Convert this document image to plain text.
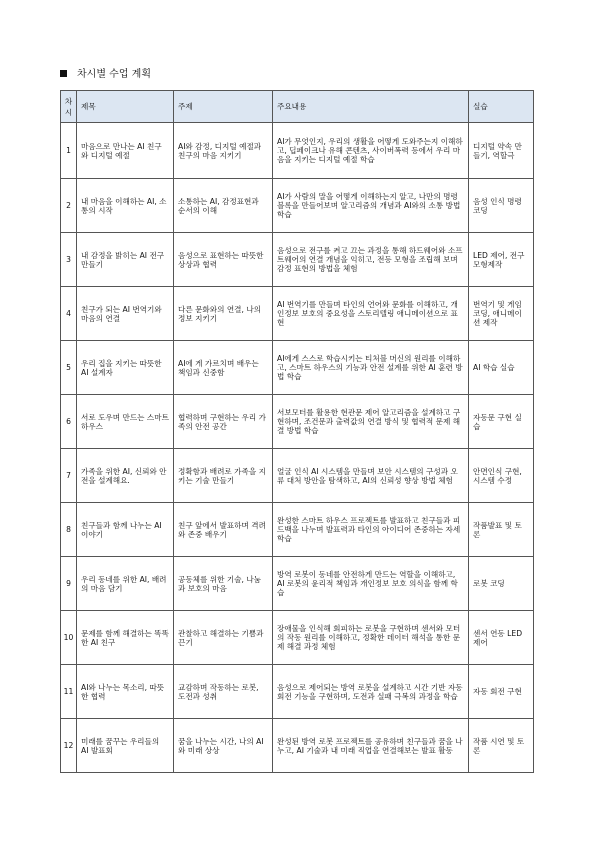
차시별 수업 계획
차시	제목	주제	주요내용	실습
1	마음으로 만나는 AI 친구와 디지털 예절	AI와 감정, 디지털 예절과 친구의 마음 지키기	AI가 무엇인지, 우리의 생활을 어떻게 도와주는지 이해하고, 딥페이크나 유해 콘텐츠, 사이버폭력 등에서 우리 마음을 지키는 디지털 예절 학습	디지털 약속 만들기, 역할극
2	내 마음을 이해하는 AI, 소통의 시작	소통하는 AI, 감정표현과 순서의 이해	AI가 사람의 말을 어떻게 이해하는지 알고, 나만의 명령 블록을 만들어보며 알고리즘의 개념과 AI와의 소통 방법 학습	음성 인식 명령코딩
3	내 감정을 밝히는 AI 전구 만들기	음성으로 표현하는 따뜻한 상상과 협력	음성으로 전구를 켜고 끄는 과정을 통해 하드웨어와 소프트웨어의 연결 개념을 익히고, 전등 모형을 조립해 보며 감정 표현의 방법을 체험	LED 제어, 전구 모형제작
4	친구가 되는 AI 번역기와 마음의 연결	다른 문화와의 연결, 나의 정보 지키기	AI 번역기를 만들며 타인의 언어와 문화를 이해하고, 개인정보 보호의 중요성을 스토리텔링 애니메이션으로 표현	번역기 및 게임코딩, 애니메이션 제작
5	우리 집을 지키는 따뜻한 AI 설계자	AI에 게 가르치며 배우는 책임과 신중함	AI에게 스스로 학습시키는 티처블 머신의 원리를 이해하고, 스마트 하우스의 기능과 안전 설계를 위한 AI 훈련 방법 학습	AI 학습 실습
6	서로 도우며 만드는 스마트하우스	협력하며 구현하는 우리 가족의 안전 공간	서보모터를 활용한 현관문 제어 알고리즘을 설계하고 구현하며, 조건문과 출력값의 연결 방식 및 협력적 문제 해결 방법 학습	자동문 구현 실습
7	가족을 위한 AI, 신뢰와 안전을 설계해요.	정확함과 배려로 가족을 지키는 기술 만들기	얼굴 인식 AI 시스템을 만들며 보안 시스템의 구성과 오류 대처 방안을 탐색하고, AI의 신뢰성 향상 방법 체험	안면인식 구현, 시스템 수정
8	친구들과 함께 나누는 AI 이야기	친구 앞에서 발표하며 격려와 존중 배우기	완성한 스마트 하우스 프로젝트를 발표하고 친구들과 피드백을 나누며 발표력과 타인의 아이디어 존중하는 자세 학습	작품발표 및 토론
9	우리 동네를 위한 AI, 배려의 마음 담기	공동체를 위한 기술, 나눔과 보호의 마음	방역 로봇이 동네를 안전하게 만드는 역할을 이해하고, AI 로봇의 윤리적 책임과 개인정보 보호 의식을 함께 학습	로봇 코딩
10	문제를 함께 해결하는 똑똑한 AI 친구	관찰하고 해결하는 기쁨과 끈기	장애물을 인식해 회피하는 로봇을 구현하며 센서와 모터의 작동 원리를 이해하고, 정확한 데이터 해석을 통한 문제 해결 과정 체험	센서 연동 LED 제어
11	AI와 나누는 목소리, 따뜻한 협력	교감하며 작동하는 로봇, 도전과 성취	음성으로 제어되는 방역 로봇을 설계하고 시간 기반 자동 회전 기능을 구현하며, 도전과 실패 극복의 과정을 학습	자동 회전 구현
12	미래를 꿈꾸는 우리들의 AI 발표회	꿈을 나누는 시간, 나의 AI와 미래 상상	완성된 방역 로봇 프로젝트를 공유하며 친구들과 꿈을 나누고, AI 기술과 내 미래 직업을 연결해보는 발표 활동	작품 시연 및 토론
